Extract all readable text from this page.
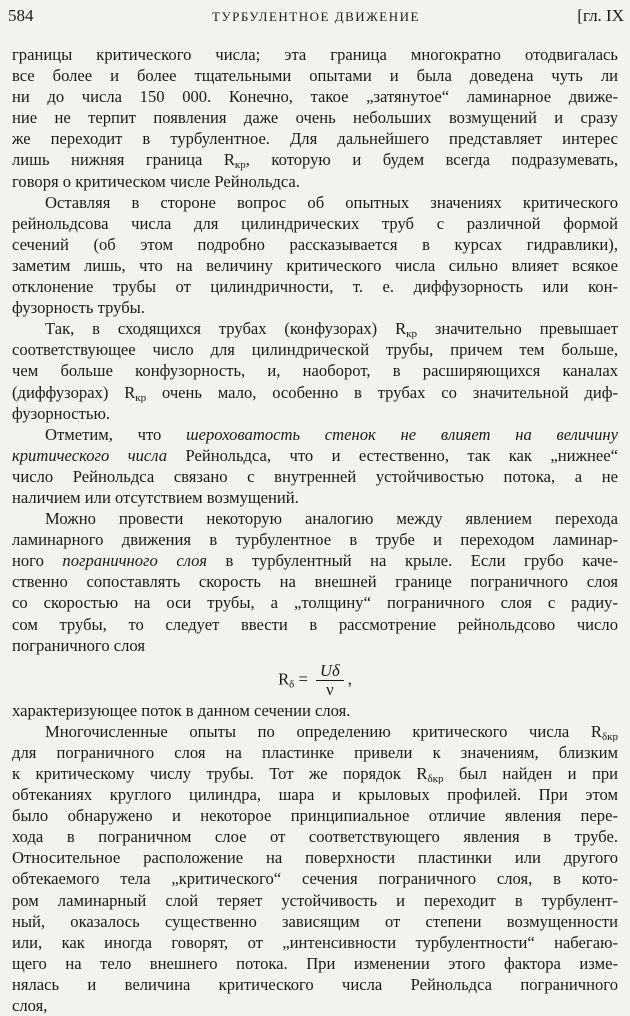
584	ТУРБУЛЕНТНОЕ ДВИЖЕНИЕ	[гл. IX
границы критического числа; эта граница многократно отодвигалась
все более и более тщательными опытами и была доведена чуть ли
ни до числа 150 000. Конечно, такое „затянутое“ ламинарное движе-
ние не терпит появления даже очень небольших возмущений и сразу
же переходит в турбулентное. Для дальнейшего представляет интерес
лишь нижняя граница $R_{кр}$, которую и будем всегда подразумевать,
говоря о критическом числе Рейнольдса.
Оставляя в стороне вопрос об опытных значениях критического
рейнольдсова числа для цилиндрических труб с различной формой
сечений (об этом подробно рассказывается в курсах гидравлики),
заметим лишь, что на величину критического числа сильно влияет всякое
отклонение трубы от цилиндричности, т. е. диффузорность или кон-
фузорность трубы.
Так, в сходящихся трубах (конфузорах) $R_{кр}$ значительно превышает
соответствующее число для цилиндрической трубы, причем тем больше,
чем больше конфузорность, и, наоборот, в расширяющихся каналах
(диффузорах) $R_{кр}$ очень мало, особенно в трубах со значительной диф-
фузорностью.
Отметим, что шероховатость стенок не влияет на величину
критического числа Рейнольдса, что и естественно, так как „нижнее“
число Рейнольдса связано с внутренней устойчивостью потока, а не
наличием или отсутствием возмущений.
Можно провести некоторую аналогию между явлением перехода
ламинарного движения в турбулентное в трубе и переходом ламинар-
ного пограничного слоя в турбулентный на крыле. Если грубо каче-
ственно сопоставлять скорость на внешней границе пограничного слоя
со скоростью на оси трубы, а „толщину“ пограничного слоя с радиу-
сом трубы, то следует ввести в рассмотрение рейнольдсово число
пограничного слоя
$R_\delta = \frac{U\delta}{\nu}$ ,
характеризующее поток в данном сечении слоя.
Многочисленные опыты по определению критического числа $R_{\delta кр}$
для пограничного слоя на пластинке привели к значениям, близким
к критическому числу трубы. Тот же порядок $R_{\delta кр}$ был найден и при
обтеканиях круглого цилиндра, шара и крыловых профилей. При этом
было обнаружено и некоторое принципиальное отличие явления пере-
хода в пограничном слое от соответствующего явления в трубе.
Относительное расположение на поверхности пластинки или другого
обтекаемого тела „критического“ сечения пограничного слоя, в кото-
ром ламинарный слой теряет устойчивость и переходит в турбулент-
ный, оказалось существенно зависящим от степени возмущенности
или, как иногда говорят, от „интенсивности турбулентности“ набегаю-
щего на тело внешнего потока. При изменении этого фактора изме-
нялась и величина критического числа Рейнольдса пограничного
слоя,
